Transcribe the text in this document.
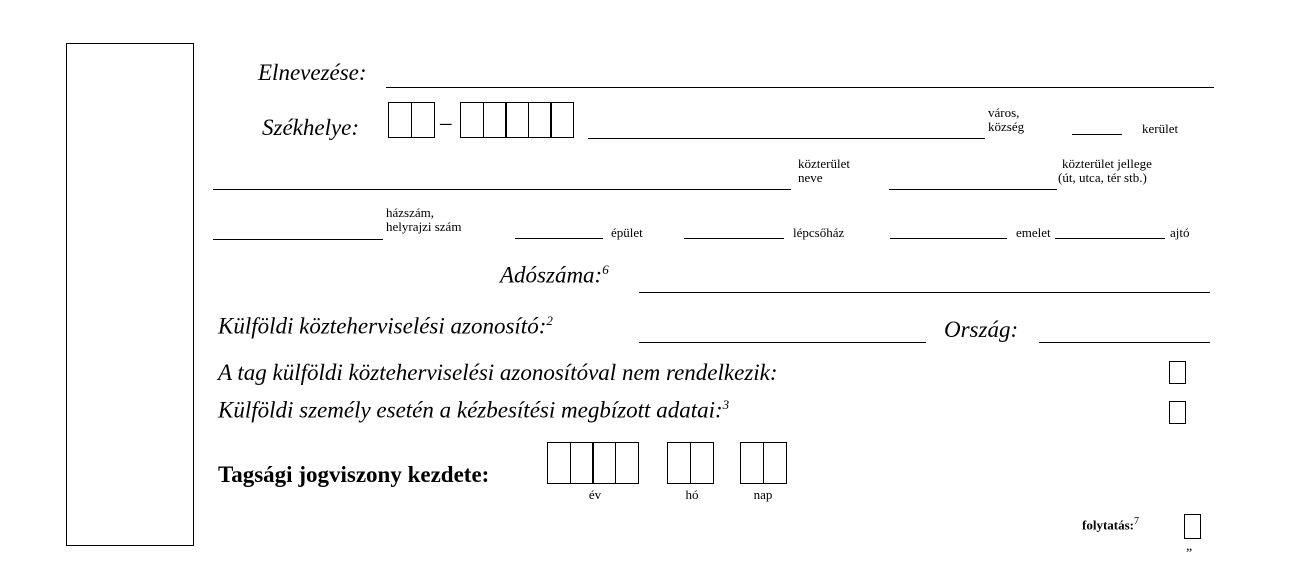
Elnevezése:
Székhelye:	–	város,
község	kerület
közterület
neve
közterület jellege
(út, utca, tér stb.)
házszám,
helyrajzi szám	épület	lépcsőház	emelet	ajtó
Adószáma:$^6$
Külföldi közteherviselési azonosító:$^2$	Ország:
A tag külföldi közteherviselési azonosítóval nem rendelkezik:
Külföldi személy esetén a kézbesítési megbízott adatai:$^3$
Tagsági jogviszony kezdete:
év	hó	nap
folytatás:$^7$
„
